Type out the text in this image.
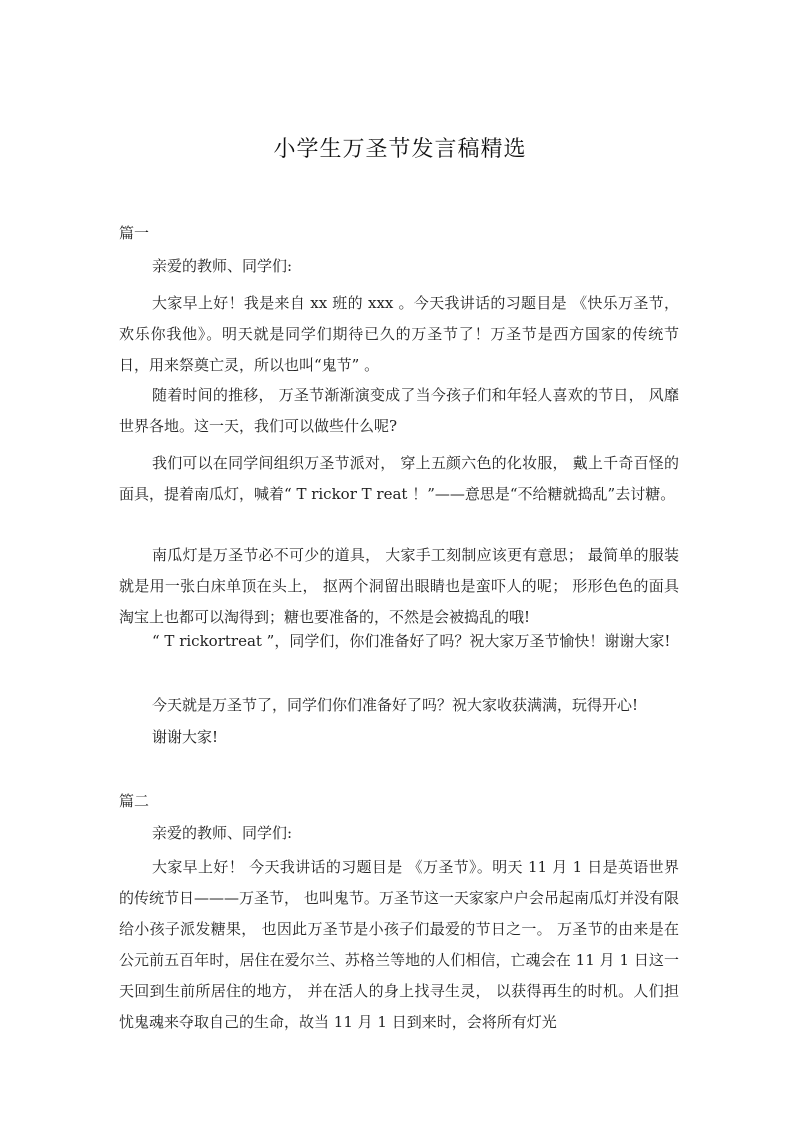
小学生万圣节发言稿精选
篇一
亲爱的教师、同学们:

大家早上好！我是来自 xx 班的 xxx 。今天我讲话的习题目是 《快乐万圣节，欢乐你我他》。明天就是同学们期待已久的万圣节了！万圣节是西方国家的传统节日，用来祭奠亡灵，所以也叫“鬼节” 。

随着时间的推移， 万圣节渐渐演变成了当今孩子们和年轻人喜欢的节日， 风靡世界各地。这一天，我们可以做些什么呢?

我们可以在同学间组织万圣节派对， 穿上五颜六色的化妆服， 戴上千奇百怪的面具，提着南瓜灯，喊着“ T rickor T reat ！”——意思是“不给糖就捣乱”去讨糖。

南瓜灯是万圣节必不可少的道具， 大家手工刻制应该更有意思； 最简单的服装就是用一张白床单顶在头上， 抠两个洞留出眼睛也是蛮吓人的呢； 形形色色的面具淘宝上也都可以淘得到；糖也要准备的，不然是会被捣乱的哦!

“ T rickortreat ”，同学们，你们准备好了吗？祝大家万圣节愉快！谢谢大家!

今天就是万圣节了，同学们你们准备好了吗？祝大家收获满满，玩得开心!

谢谢大家!

篇二
亲爱的教师、同学们:

大家早上好！ 今天我讲话的习题目是 《万圣节》。明天 11 月 1 日是英语世界的传统节日———万圣节， 也叫鬼节。万圣节这一天家家户户会吊起南瓜灯并没有限给小孩子派发糖果， 也因此万圣节是小孩子们最爱的节日之一。 万圣节的由来是在公元前五百年时，居住在爱尔兰、苏格兰等地的人们相信，亡魂会在 11 月 1 日这一天回到生前所居住的地方， 并在活人的身上找寻生灵， 以获得再生的时机。人们担忧鬼魂来夺取自己的生命，故当 11 月 1 日到来时，会将所有灯光
